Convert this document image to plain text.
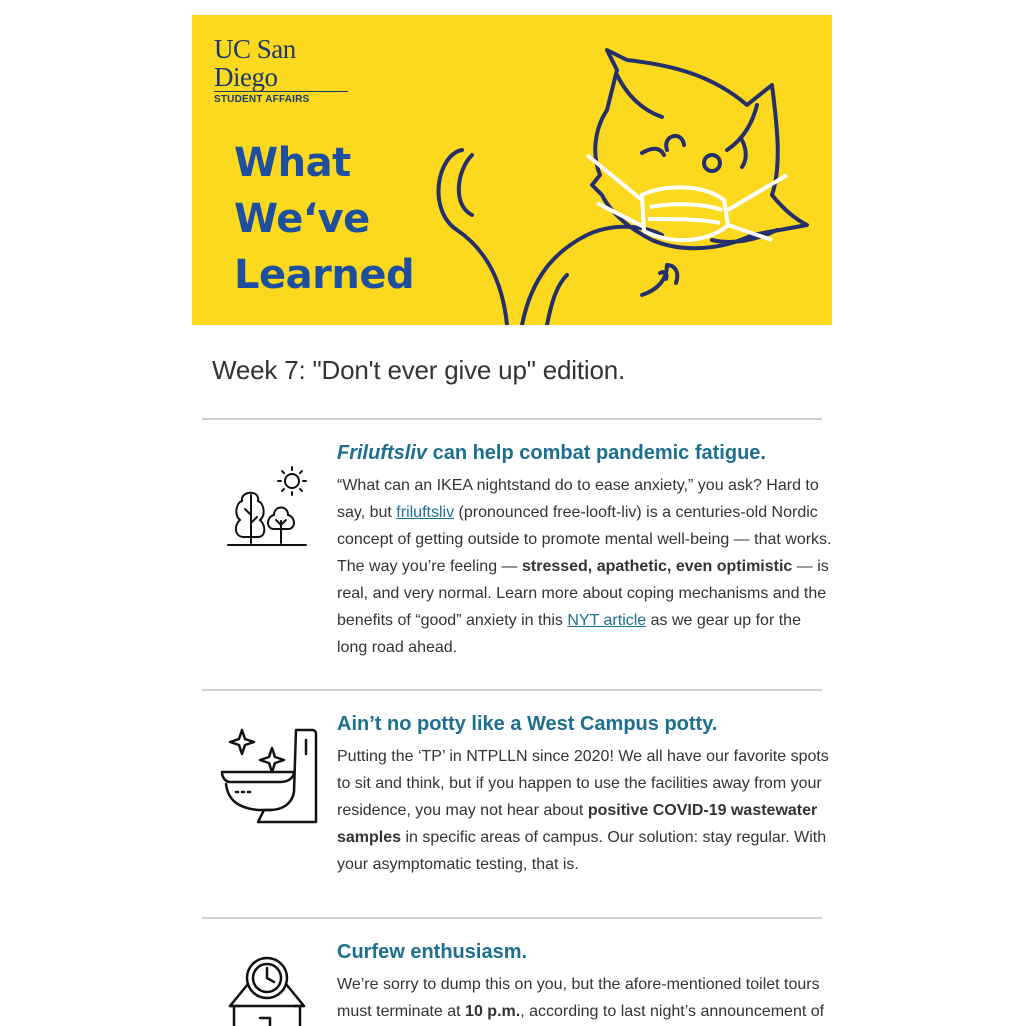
UC San Diego
STUDENT AFFAIRS
What
We‘ve
Learned
Week 7: "Don't ever give up" edition.
Friluftsliv can help combat pandemic fatigue.

“What can an IKEA nightstand do to ease anxiety,” you ask? Hard to say, but friluftsliv (pronounced free-looft-liv) is a centuries-old Nordic concept of getting outside to promote mental well-being — that works. The way you’re feeling — stressed, apathetic, even optimistic — is real, and very normal. Learn more about coping mechanisms and the benefits of “good” anxiety in this NYT article as we gear up for the long road ahead.

Ain’t no potty like a West Campus potty.

Putting the ‘TP’ in NTPLLN since 2020! We all have our favorite spots to sit and think, but if you happen to use the facilities away from your residence, you may not hear about positive COVID-19 wastewater samples in specific areas of campus. Our solution: stay regular. With your asymptomatic testing, that is.

Curfew enthusiasm.

We’re sorry to dump this on you, but the afore-mentioned toilet tours must terminate at 10 p.m., according to last night’s announcement of
